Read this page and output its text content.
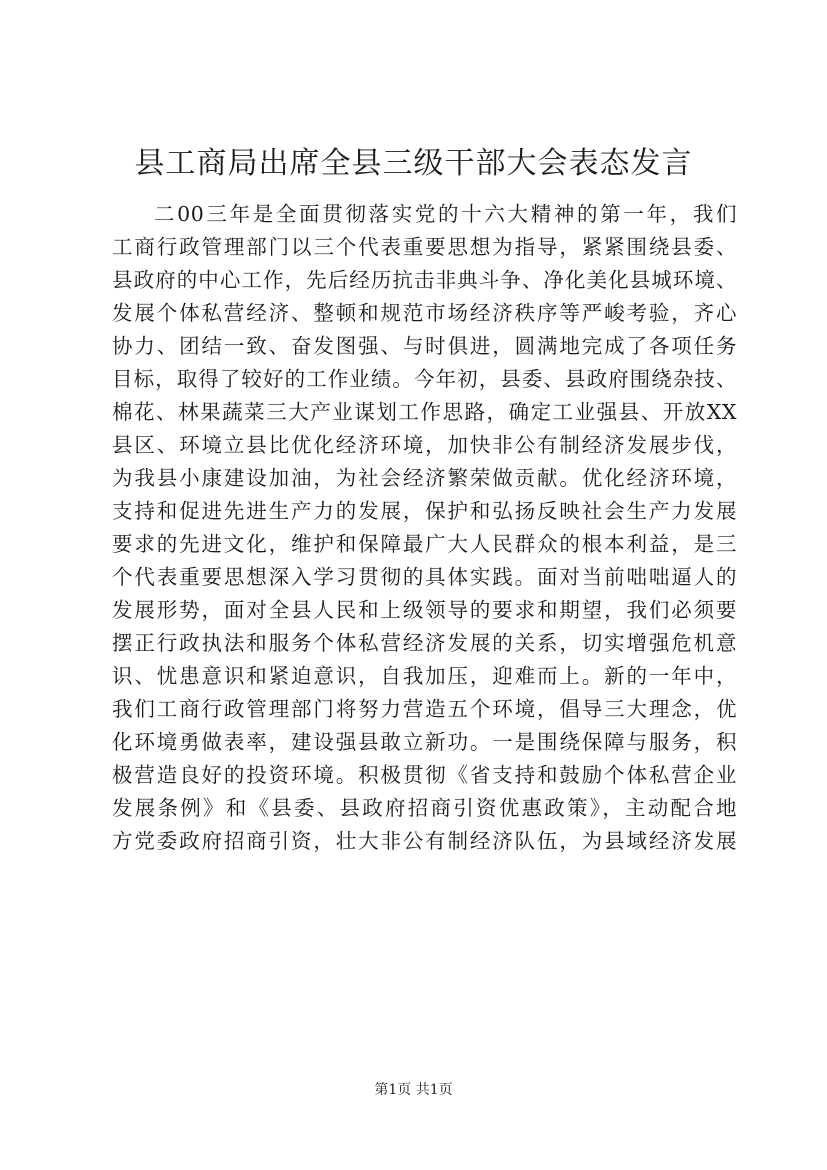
县工商局出席全县三级干部大会表态发言
二00三年是全面贯彻落实党的十六大精神的第一年，我们
工商行政管理部门以三个代表重要思想为指导，紧紧围绕县委、
县政府的中心工作，先后经历抗击非典斗争、净化美化县城环境、
发展个体私营经济、整顿和规范市场经济秩序等严峻考验，齐心
协力、团结一致、奋发图强、与时俱进，圆满地完成了各项任务
目标，取得了较好的工作业绩。今年初，县委、县政府围绕杂技、
棉花、林果蔬菜三大产业谋划工作思路，确定工业强县、开放XX
县区、环境立县比优化经济环境，加快非公有制经济发展步伐，
为我县小康建设加油，为社会经济繁荣做贡献。优化经济环境，
支持和促进先进生产力的发展，保护和弘扬反映社会生产力发展
要求的先进文化，维护和保障最广大人民群众的根本利益，是三
个代表重要思想深入学习贯彻的具体实践。面对当前咄咄逼人的
发展形势，面对全县人民和上级领导的要求和期望，我们必须要
摆正行政执法和服务个体私营经济发展的关系，切实增强危机意
识、忧患意识和紧迫意识，自我加压，迎难而上。新的一年中，
我们工商行政管理部门将努力营造五个环境，倡导三大理念，优
化环境勇做表率，建设强县敢立新功。一是围绕保障与服务，积
极营造良好的投资环境。积极贯彻《省支持和鼓励个体私营企业
发展条例》和《县委、县政府招商引资优惠政策》，主动配合地
方党委政府招商引资，壮大非公有制经济队伍，为县域经济发展
第1页 共1页
